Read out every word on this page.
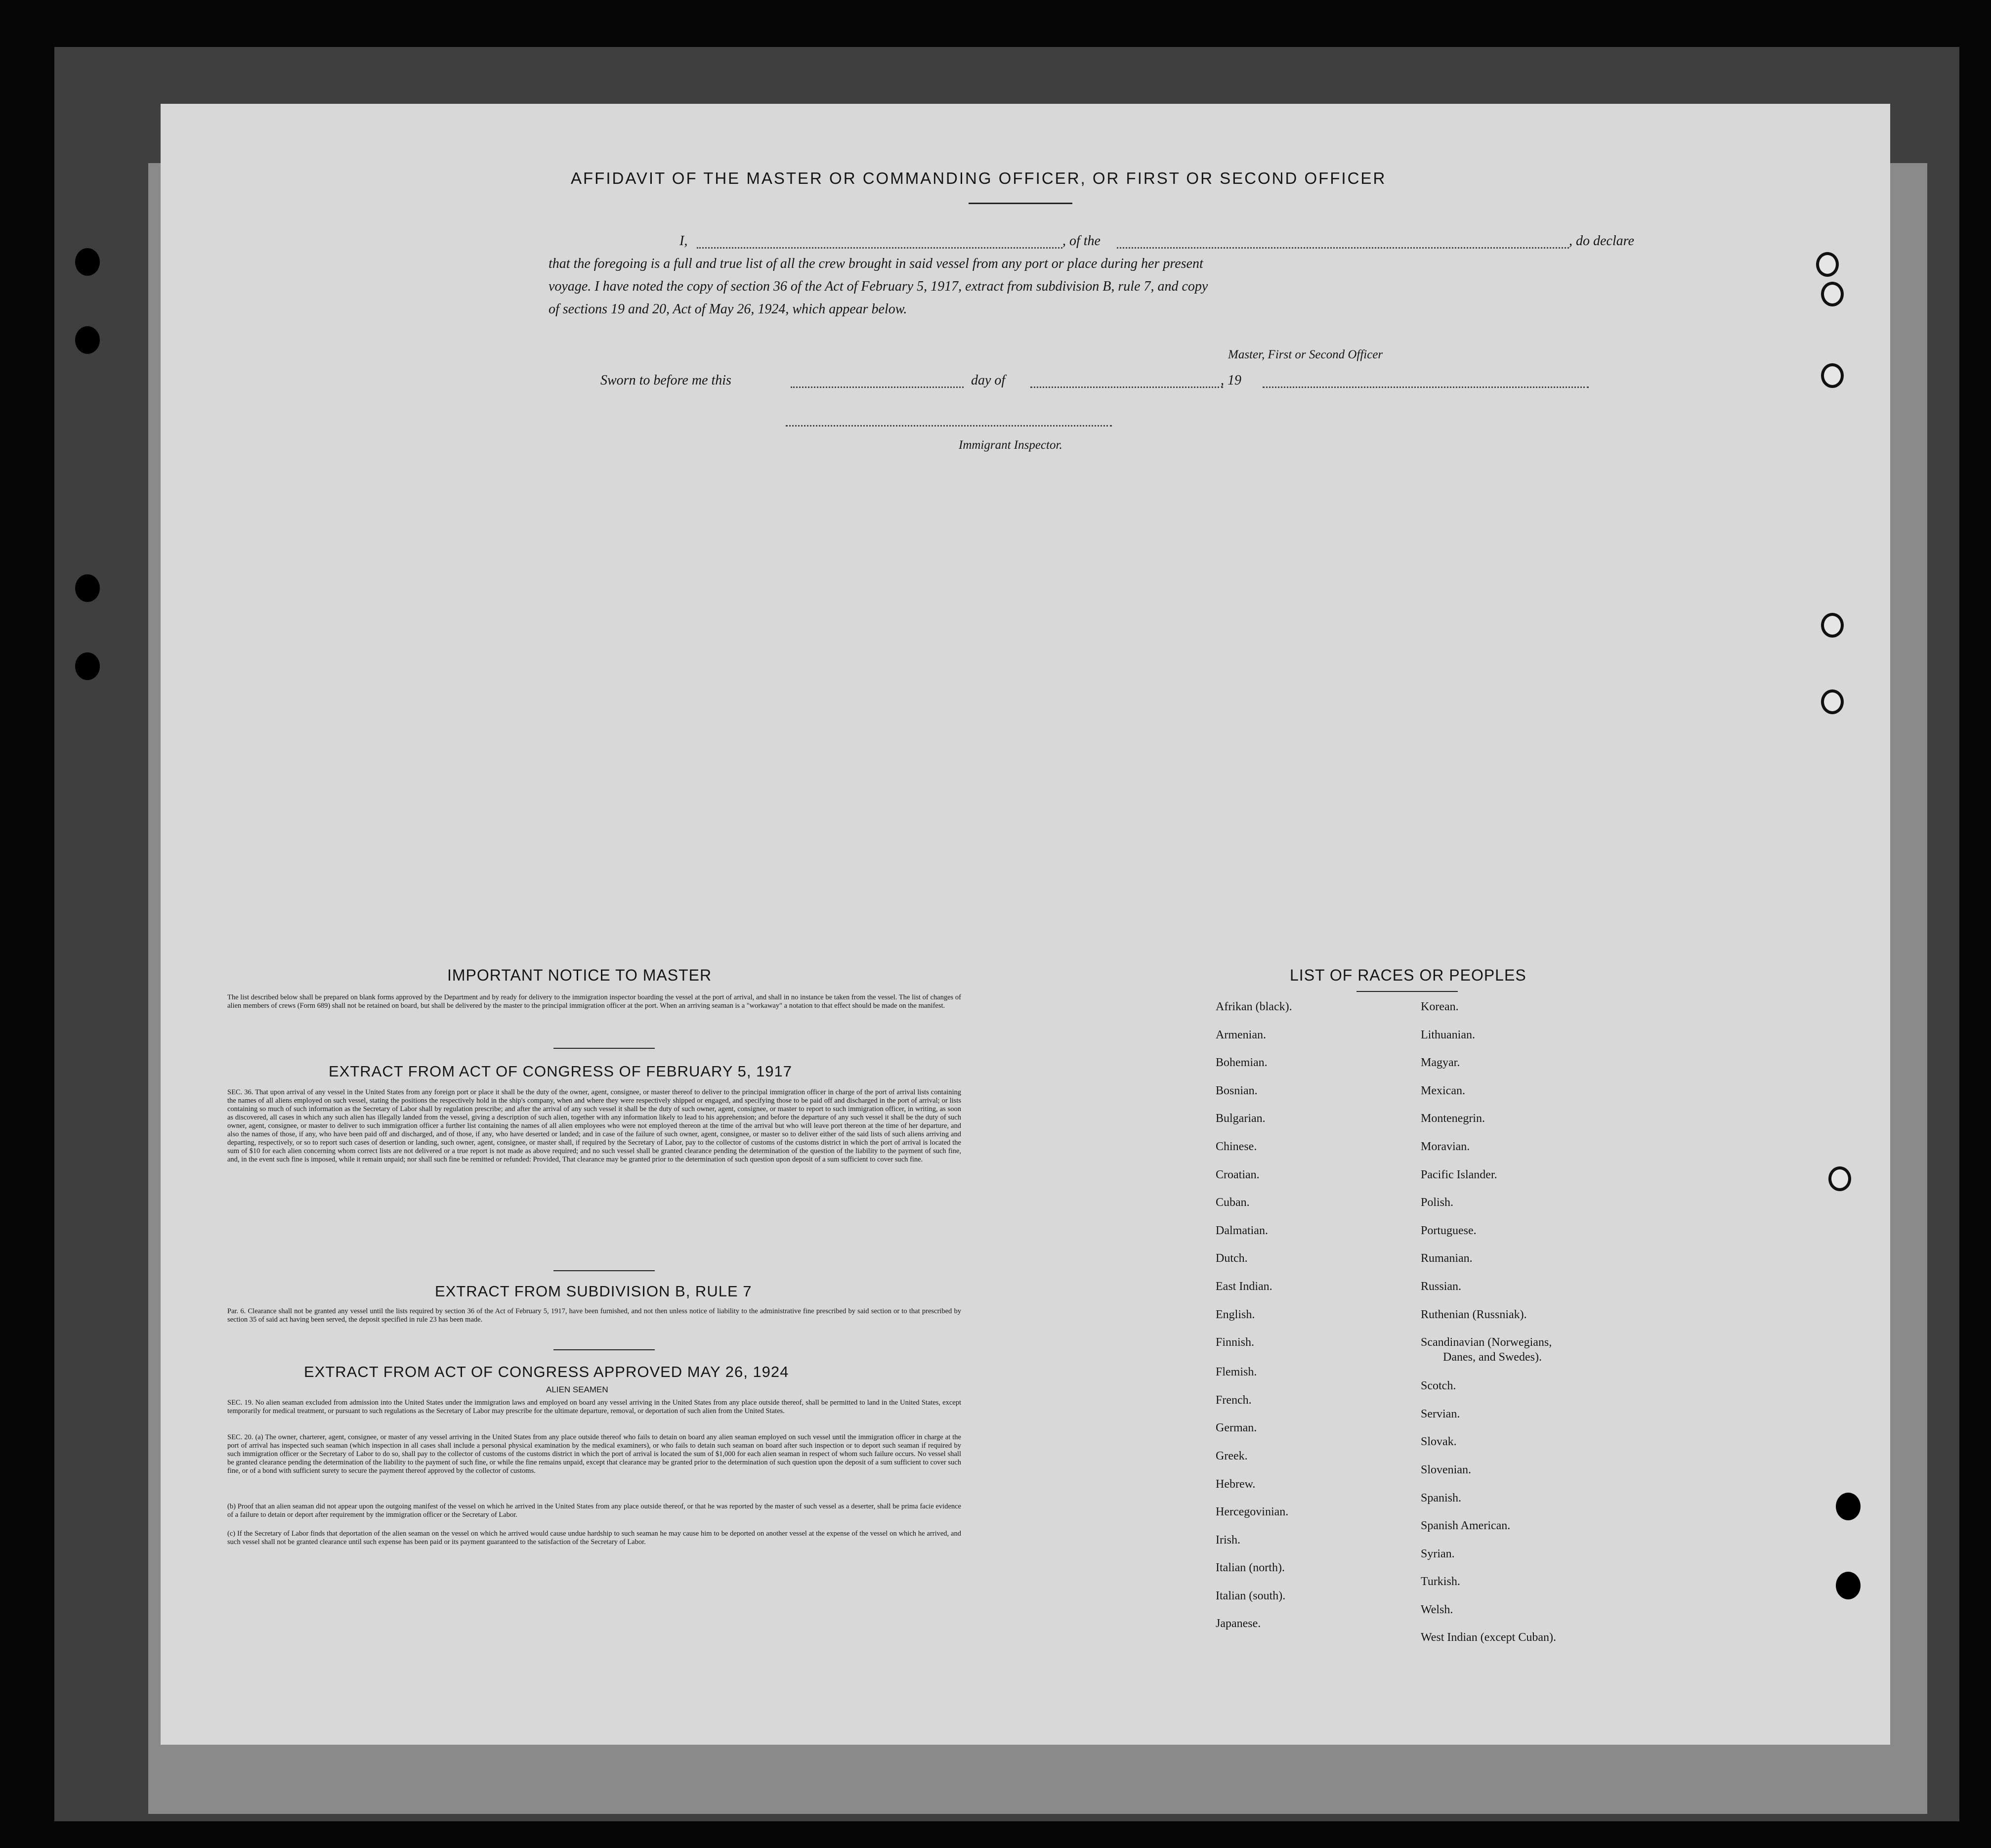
AFFIDAVIT OF THE MASTER OR COMMANDING OFFICER, OR FIRST OR SECOND OFFICER
I,	, of the	, do declare
that the foregoing is a full and true list of all the crew brought in said vessel from any port or place during her present
voyage. I have noted the copy of section 36 of the Act of February 5, 1917, extract from subdivision B, rule 7, and copy
of sections 19 and 20, Act of May 26, 1924, which appear below.
Master, First or Second Officer
Sworn to before me this	day of	, 19
Immigrant Inspector.
IMPORTANT NOTICE TO MASTER
The list described below shall be prepared on blank forms approved by the Department and by ready for delivery to the immigration inspector boarding the vessel at the port of arrival, and shall in no instance be taken from the vessel. The list of changes of alien members of crews (Form 689) shall not be retained on board, but shall be delivered by the master to the principal immigration officer at the port. When an arriving seaman is a "workaway" a notation to that effect should be made on the manifest.
EXTRACT FROM ACT OF CONGRESS OF FEBRUARY 5, 1917
SEC. 36. That upon arrival of any vessel in the United States from any foreign port or place it shall be the duty of the owner, agent, consignee, or master thereof to deliver to the principal immigration officer in charge of the port of arrival lists containing the names of all aliens employed on such vessel, stating the positions the respectively hold in the ship's company, when and where they were respectively shipped or engaged, and specifying those to be paid off and discharged in the port of arrival; or lists containing so much of such information as the Secretary of Labor shall by regulation prescribe; and after the arrival of any such vessel it shall be the duty of such owner, agent, consignee, or master to report to such immigration officer, in writing, as soon as discovered, all cases in which any such alien has illegally landed from the vessel, giving a description of such alien, together with any information likely to lead to his apprehension; and before the departure of any such vessel it shall be the duty of such owner, agent, consignee, or master to deliver to such immigration officer a further list containing the names of all alien employees who were not employed thereon at the time of the arrival but who will leave port thereon at the time of her departure, and also the names of those, if any, who have been paid off and discharged, and of those, if any, who have deserted or landed; and in case of the failure of such owner, agent, consignee, or master so to deliver either of the said lists of such aliens arriving and departing, respectively, or so to report such cases of desertion or landing, such owner, agent, consignee, or master shall, if required by the Secretary of Labor, pay to the collector of customs of the customs district in which the port of arrival is located the sum of $10 for each alien concerning whom correct lists are not delivered or a true report is not made as above required; and no such vessel shall be granted clearance pending the determination of the question of the liability to the payment of such fine, and, in the event such fine is imposed, while it remain unpaid; nor shall such fine be remitted or refunded: Provided, That clearance may be granted prior to the determination of such question upon deposit of a sum sufficient to cover such fine.
EXTRACT FROM SUBDIVISION B, RULE 7
Par. 6. Clearance shall not be granted any vessel until the lists required by section 36 of the Act of February 5, 1917, have been furnished, and not then unless notice of liability to the administrative fine prescribed by said section or to that prescribed by section 35 of said act having been served, the deposit specified in rule 23 has been made.
EXTRACT FROM ACT OF CONGRESS APPROVED MAY 26, 1924
ALIEN SEAMEN
SEC. 19. No alien seaman excluded from admission into the United States under the immigration laws and employed on board any vessel arriving in the United States from any place outside thereof, shall be permitted to land in the United States, except temporarily for medical treatment, or pursuant to such regulations as the Secretary of Labor may prescribe for the ultimate departure, removal, or deportation of such alien from the United States.
SEC. 20. (a) The owner, charterer, agent, consignee, or master of any vessel arriving in the United States from any place outside thereof who fails to detain on board any alien seaman employed on such vessel until the immigration officer in charge at the port of arrival has inspected such seaman (which inspection in all cases shall include a personal physical examination by the medical examiners), or who fails to detain such seaman on board after such inspection or to deport such seaman if required by such immigration officer or the Secretary of Labor to do so, shall pay to the collector of customs of the customs district in which the port of arrival is located the sum of $1,000 for each alien seaman in respect of whom such failure occurs. No vessel shall be granted clearance pending the determination of the liability to the payment of such fine, or while the fine remains unpaid, except that clearance may be granted prior to the determination of such question upon the deposit of a sum sufficient to cover such fine, or of a bond with sufficient surety to secure the payment thereof approved by the collector of customs.
(b) Proof that an alien seaman did not appear upon the outgoing manifest of the vessel on which he arrived in the United States from any place outside thereof, or that he was reported by the master of such vessel as a deserter, shall be prima facie evidence of a failure to detain or deport after requirement by the immigration officer or the Secretary of Labor.
(c) If the Secretary of Labor finds that deportation of the alien seaman on the vessel on which he arrived would cause undue hardship to such seaman he may cause him to be deported on another vessel at the expense of the vessel on which he arrived, and such vessel shall not be granted clearance until such expense has been paid or its payment guaranteed to the satisfaction of the Secretary of Labor.
LIST OF RACES OR PEOPLES
Afrikan (black).
Armenian.
Bohemian.
Bosnian.
Bulgarian.
Chinese.
Croatian.
Cuban.
Dalmatian.
Dutch.
East Indian.
English.
Finnish.
Flemish.
French.
German.
Greek.
Hebrew.
Hercegovinian.
Irish.
Italian (north).
Italian (south).
Japanese.
Korean.
Lithuanian.
Magyar.
Mexican.
Montenegrin.
Moravian.
Pacific Islander.
Polish.
Portuguese.
Rumanian.
Russian.
Ruthenian (Russniak).
Scandinavian (Norwegians,
Danes, and Swedes).
Scotch.
Servian.
Slovak.
Slovenian.
Spanish.
Spanish American.
Syrian.
Turkish.
Welsh.
West Indian (except Cuban).
